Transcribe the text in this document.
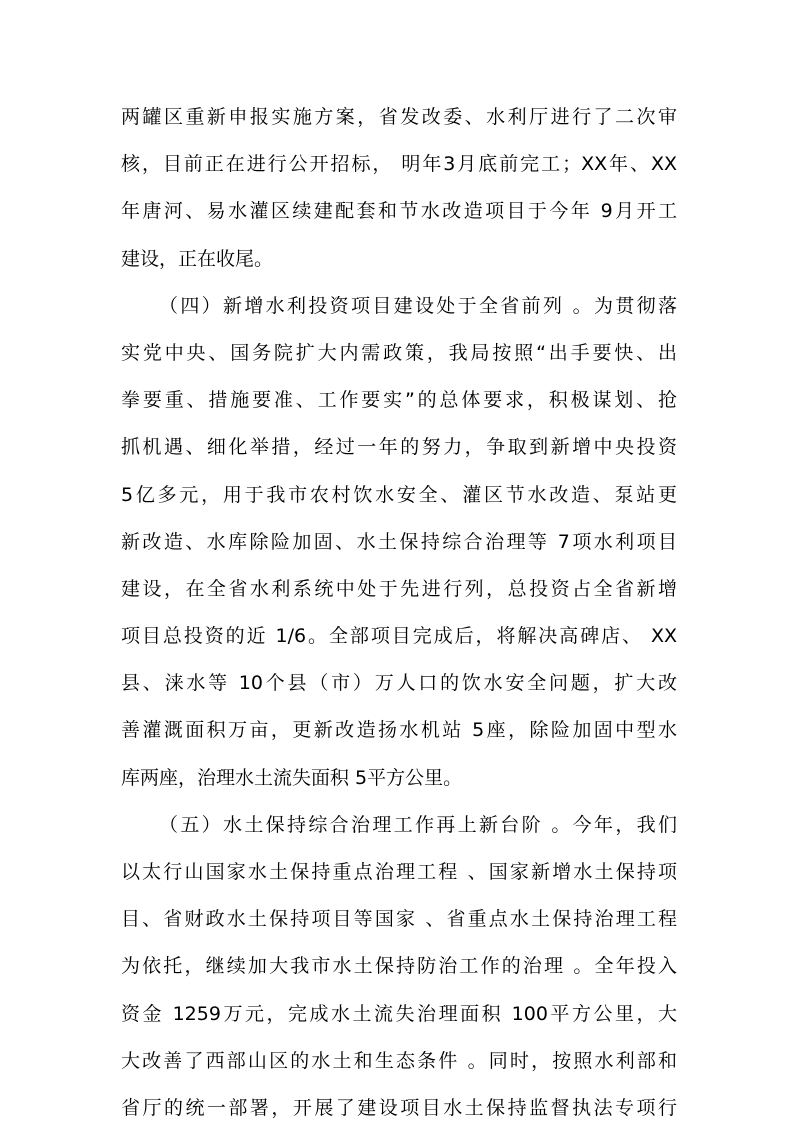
两罐区重新申报实施方案，省发改委、水利厅进行了二次审
核，目前正在进行公开招标， 明年3月底前完工；XX年、XX
年唐河、易水灌区续建配套和节水改造项目于今年 9月开工
建设，正在收尾。
（四）新增水利投资项目建设处于全省前列 。为贯彻落
实党中央、国务院扩大内需政策，我局按照“出手要快、出
拳要重、措施要准、工作要实”的总体要求，积极谋划、抢
抓机遇、细化举措，经过一年的努力，争取到新增中央投资
5亿多元，用于我市农村饮水安全、灌区节水改造、泵站更
新改造、水库除险加固、水土保持综合治理等 7项水利项目
建设，在全省水利系统中处于先进行列，总投资占全省新增
项目总投资的近 1/6。全部项目完成后，将解决高碑店、 XX
县、涞水等 10个县（市）万人口的饮水安全问题，扩大改
善灌溉面积万亩，更新改造扬水机站 5座，除险加固中型水
库两座，治理水土流失面积 5平方公里。
（五）水土保持综合治理工作再上新台阶 。今年，我们
以太行山国家水土保持重点治理工程 、国家新增水土保持项
目、省财政水土保持项目等国家 、省重点水土保持治理工程
为依托，继续加大我市水土保持防治工作的治理 。全年投入
资金 1259万元，完成水土流失治理面积 100平方公里，大
大改善了西部山区的水土和生态条件 。同时，按照水利部和
省厅的统一部署，开展了建设项目水土保持监督执法专项行
